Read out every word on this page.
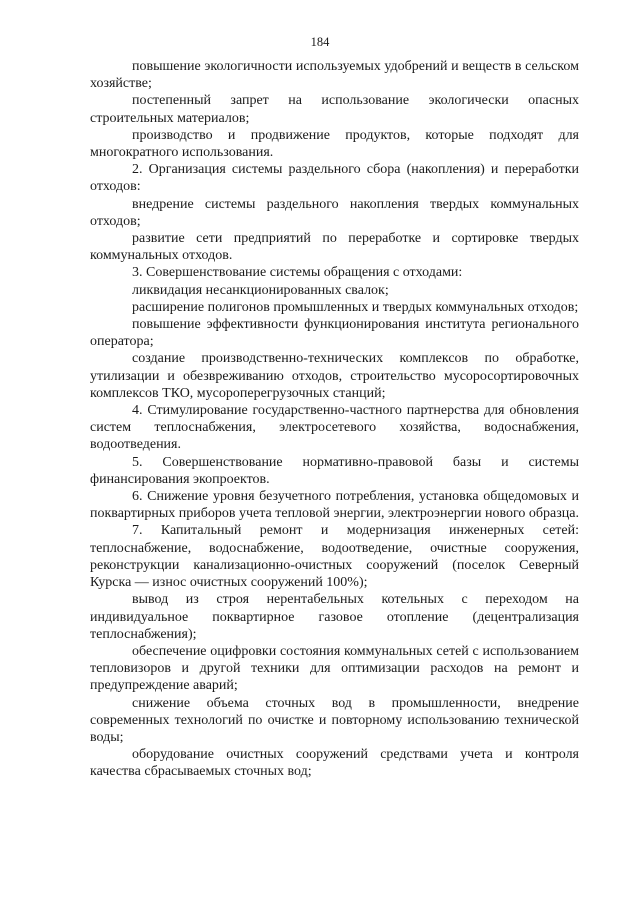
184

повышение экологичности используемых удобрений и веществ в сельском хозяйстве;

постепенный запрет на использование экологически опасных строительных материалов;

производство и продвижение продуктов, которые подходят для многократного использования.

2. Организация системы раздельного сбора (накопления) и переработки отходов:

внедрение системы раздельного накопления твердых коммунальных отходов;

развитие сети предприятий по переработке и сортировке твердых коммунальных отходов.

3. Совершенствование системы обращения с отходами:

ликвидация несанкционированных свалок;

расширение полигонов промышленных и твердых коммунальных отходов;

повышение эффективности функционирования института регионального оператора;

создание производственно-технических комплексов по обработке, утилизации и обезвреживанию отходов, строительство мусоросортировочных комплексов ТКО, мусороперегрузочных станций;

4. Стимулирование государственно-частного партнерства для обновления систем теплоснабжения, электросетевого хозяйства, водоснабжения, водоотведения.

5. Совершенствование нормативно-правовой базы и системы финансирования экопроектов.

6. Снижение уровня безучетного потребления, установка общедомовых и поквартирных приборов учета тепловой энергии, электроэнергии нового образца.

7. Капитальный ремонт и модернизация инженерных сетей: теплоснабжение, водоснабжение, водоотведение, очистные сооружения, реконструкции канализационно-очистных сооружений (поселок Северный Курска — износ очистных сооружений 100%);

вывод из строя нерентабельных котельных с переходом на индивидуальное поквартирное газовое отопление (децентрализация теплоснабжения);

обеспечение оцифровки состояния коммунальных сетей с использованием тепловизоров и другой техники для оптимизации расходов на ремонт и предупреждение аварий;

снижение объема сточных вод в промышленности, внедрение современных технологий по очистке и повторному использованию технической воды;

оборудование очистных сооружений средствами учета и контроля качества сбрасываемых сточных вод;
